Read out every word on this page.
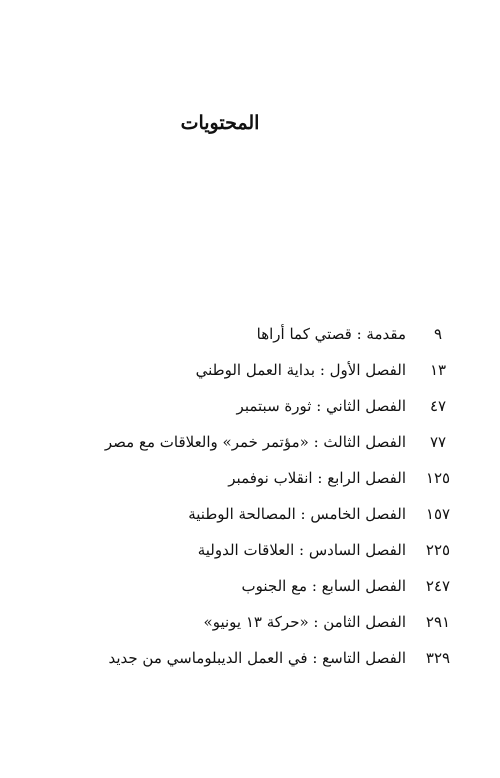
المحتويات
٩
مقدمة : قصتي كما أراها
١٣
الفصل الأول : بداية العمل الوطني
٤٧
الفصل الثاني : ثورة سبتمبر
٧٧
الفصل الثالث : «مؤتمر خمر» والعلاقات مع مصر
١٢٥
الفصل الرابع : انقلاب نوفمبر
١٥٧
الفصل الخامس : المصالحة الوطنية
٢٢٥
الفصل السادس : العلاقات الدولية
٢٤٧
الفصل السابع : مع الجنوب
٢٩١
الفصل الثامن : «حركة ١٣ يونيو»
٣٢٩
الفصل التاسع : في العمل الديبلوماسي من جديد
